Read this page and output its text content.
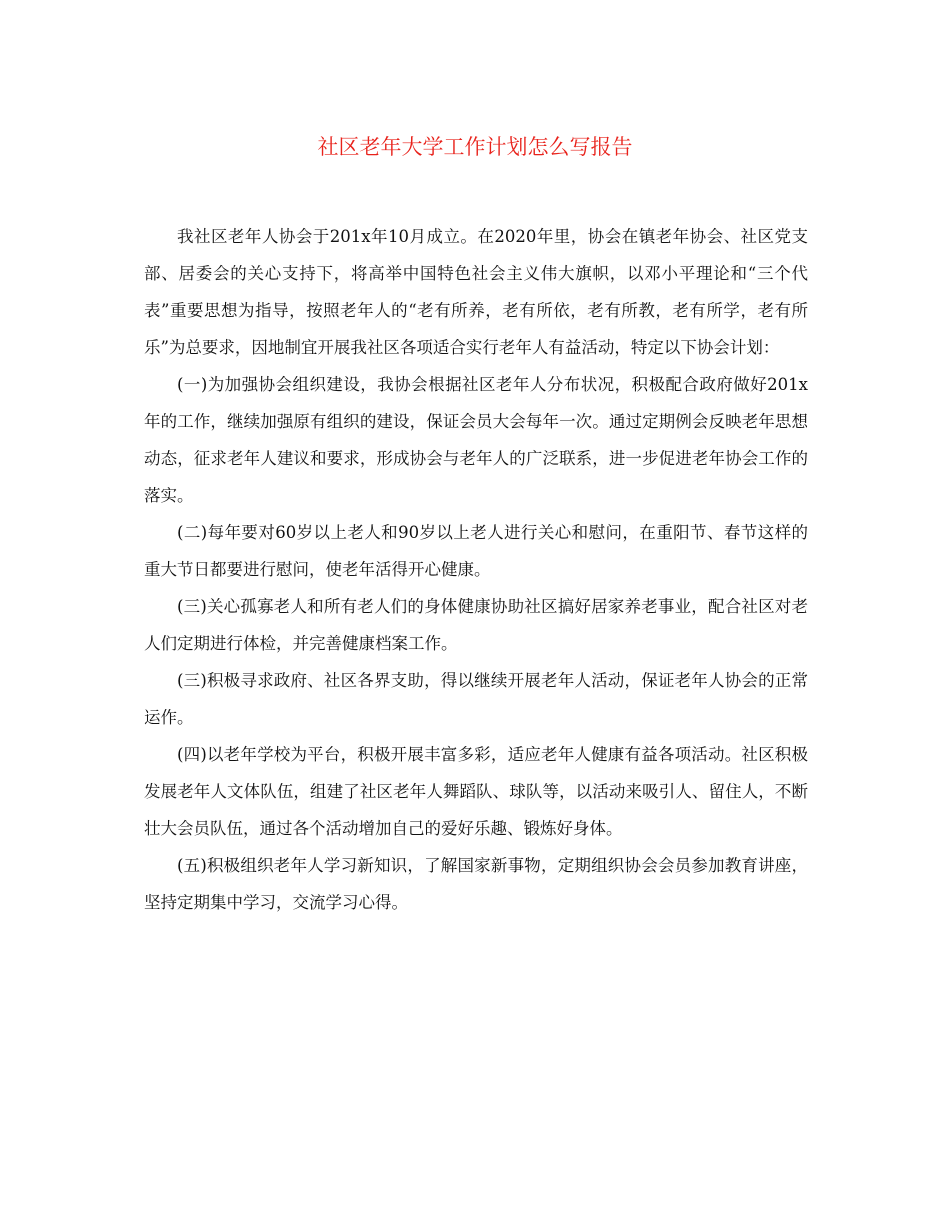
社区老年大学工作计划怎么写报告

我社区老年人协会于201x年10月成立。在2020年里，协会在镇老年协会、社区党支部、居委会的关心支持下，将高举中国特色社会主义伟大旗帜，以邓小平理论和“三个代表”重要思想为指导，按照老年人的“老有所养，老有所依，老有所教，老有所学，老有所乐”为总要求，因地制宜开展我社区各项适合实行老年人有益活动，特定以下协会计划：

(一)为加强协会组织建设，我协会根据社区老年人分布状况，积极配合政府做好201x年的工作，继续加强原有组织的建设，保证会员大会每年一次。通过定期例会反映老年思想动态，征求老年人建议和要求，形成协会与老年人的广泛联系，进一步促进老年协会工作的落实。

(二)每年要对60岁以上老人和90岁以上老人进行关心和慰问，在重阳节、春节这样的重大节日都要进行慰问，使老年活得开心健康。

(三)关心孤寡老人和所有老人们的身体健康协助社区搞好居家养老事业，配合社区对老人们定期进行体检，并完善健康档案工作。

(三)积极寻求政府、社区各界支助，得以继续开展老年人活动，保证老年人协会的正常运作。

(四)以老年学校为平台，积极开展丰富多彩，适应老年人健康有益各项活动。社区积极发展老年人文体队伍，组建了社区老年人舞蹈队、球队等，以活动来吸引人、留住人，不断壮大会员队伍，通过各个活动增加自己的爱好乐趣、锻炼好身体。

(五)积极组织老年人学习新知识，了解国家新事物，定期组织协会会员参加教育讲座，坚持定期集中学习，交流学习心得。
